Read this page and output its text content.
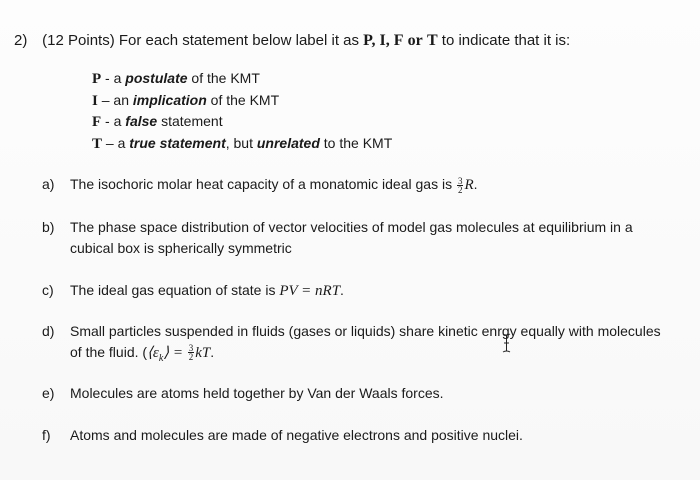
2) (12 Points) For each statement below label it as P, I, F or T to indicate that it is:
P - a postulate of the KMT
I – an implication of the KMT
F - a false statement
T – a true statement, but unrelated to the KMT
a) The isochoric molar heat capacity of a monatomic ideal gas is $\frac{3}{2} R$.
b) The phase space distribution of vector velocities of model gas molecules at equilibrium in a
cubical box is spherically symmetric
c) The ideal gas equation of state is PV = nRT.
d) Small particles suspended in fluids (gases or liquids) share kinetic enrgy equally with molecules
of the fluid. ($⟨\varepsilon_k⟩ = \frac{3}{2}$ kT.
e) Molecules are atoms held together by Van der Waals forces.
f) Atoms and molecules are made of negative electrons and positive nuclei.
